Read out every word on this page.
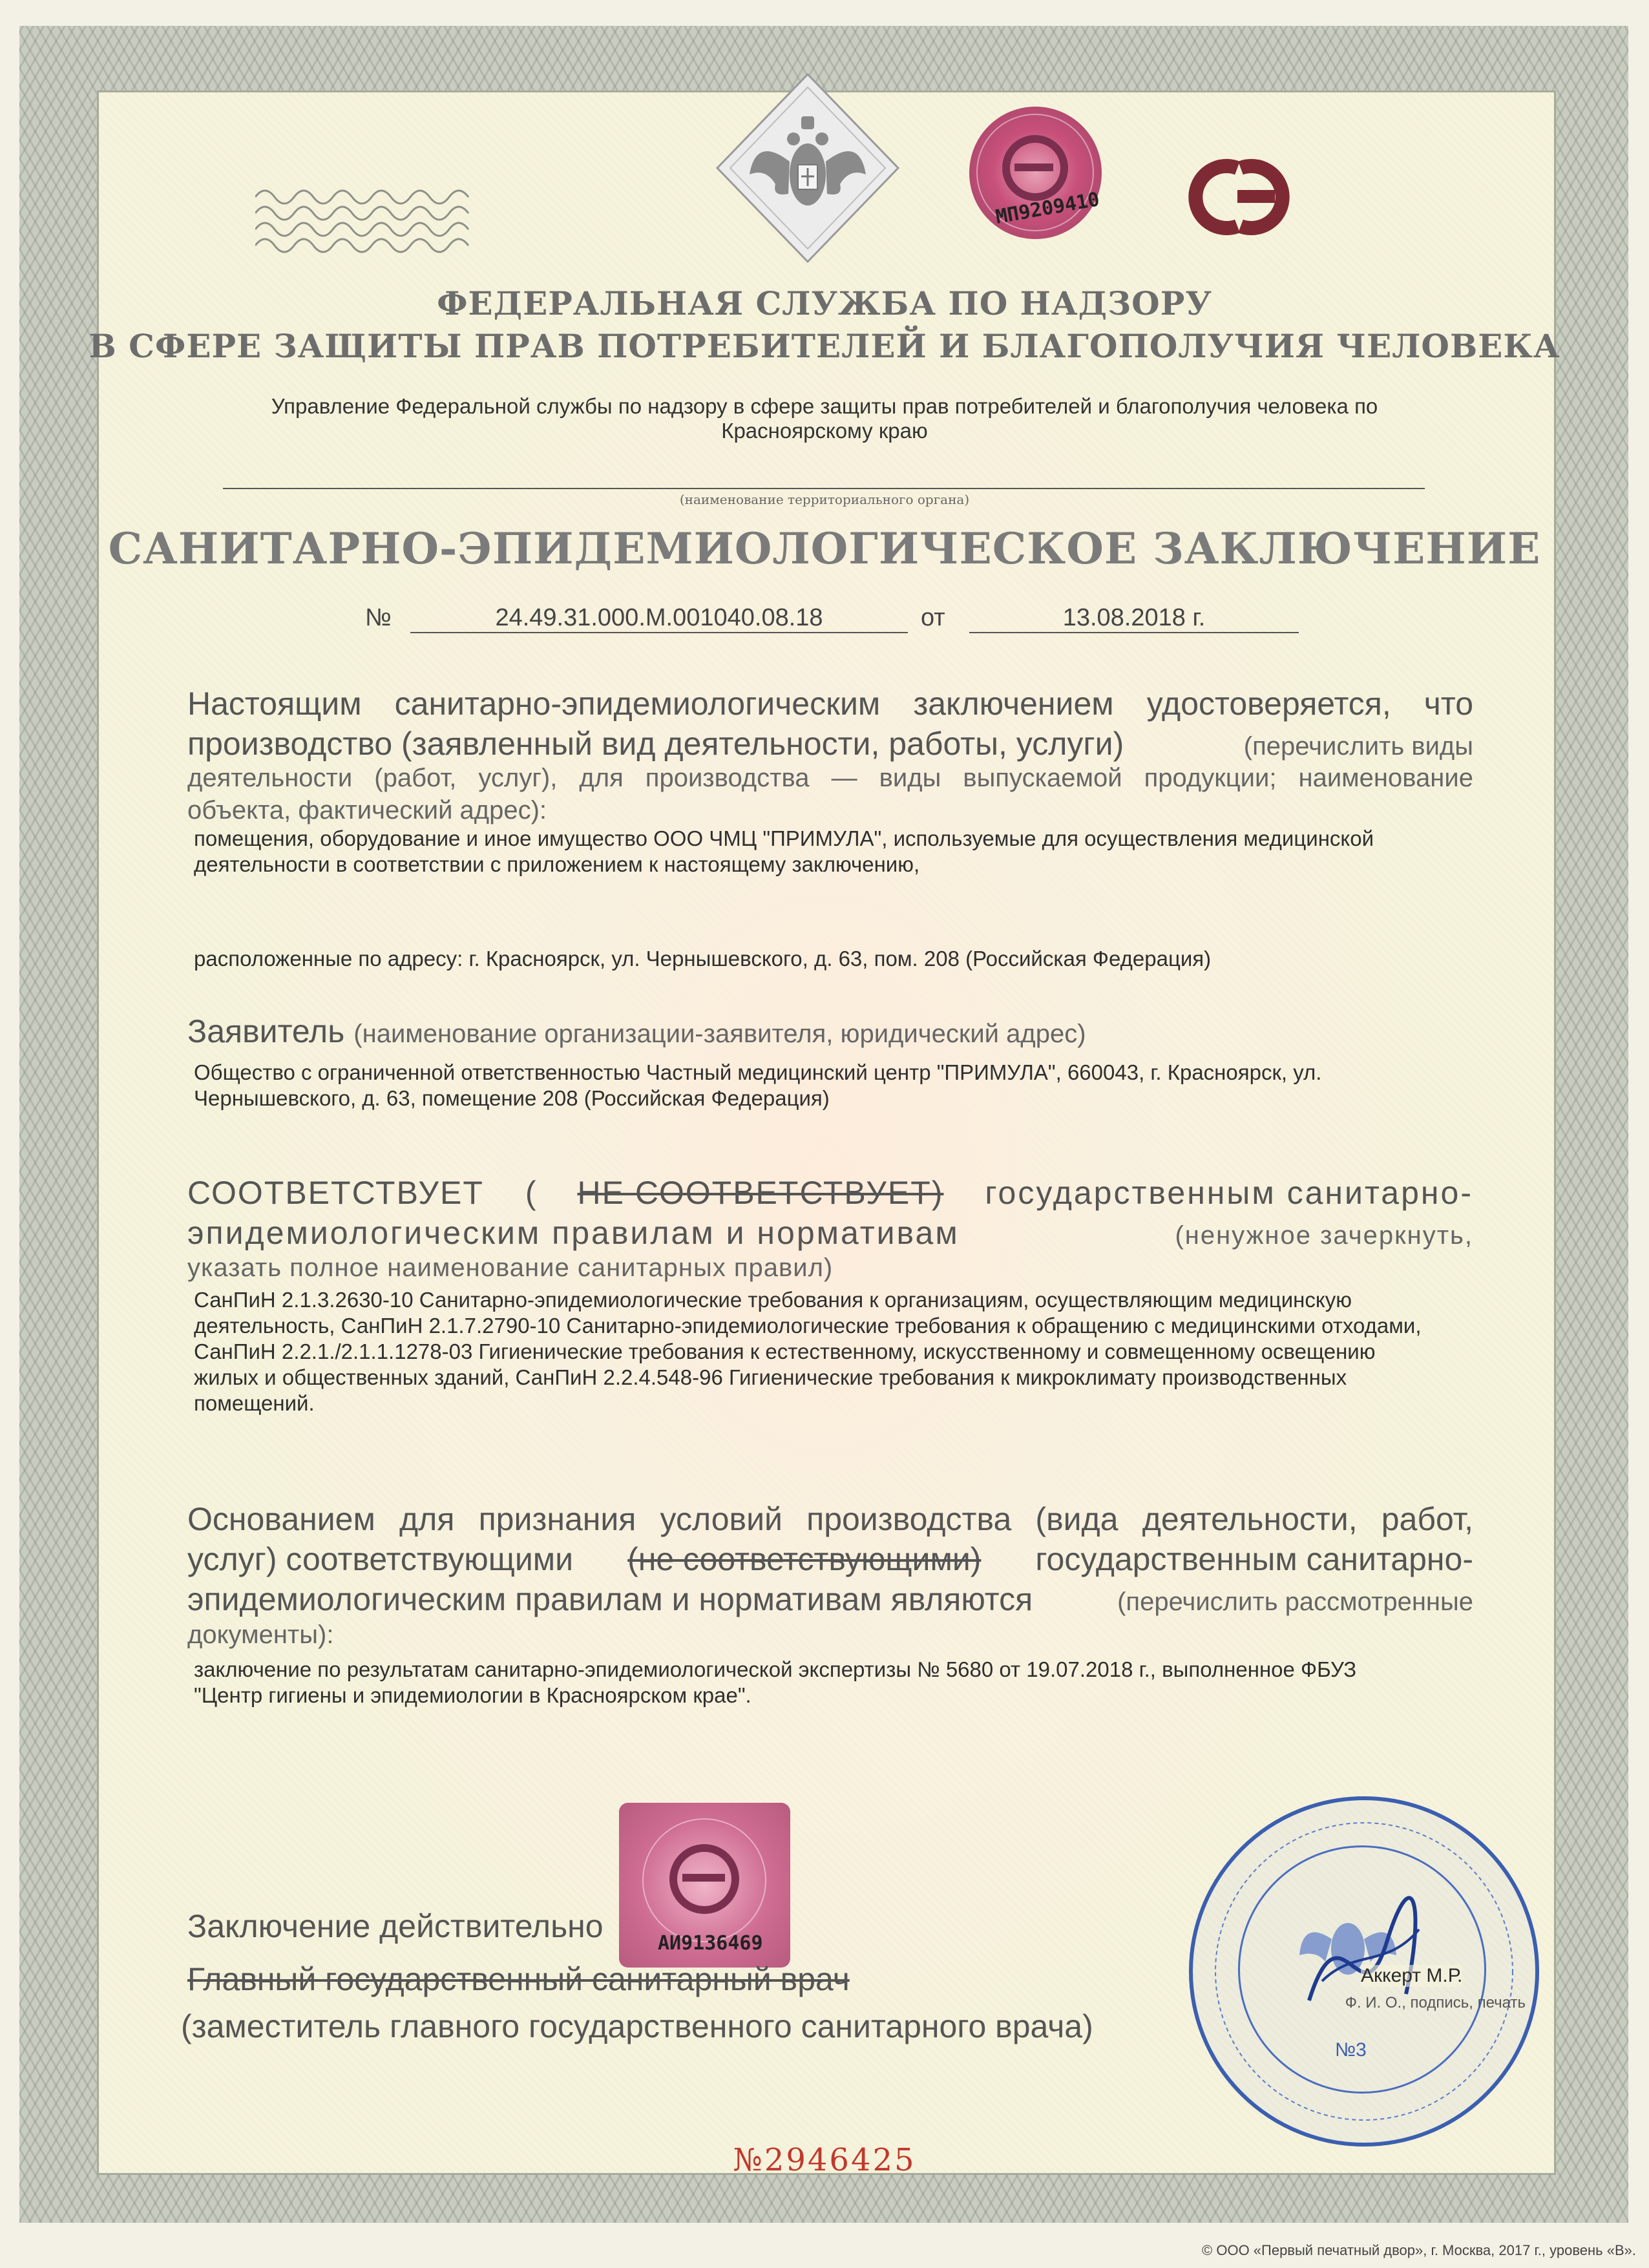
МП9209410
ФЕДЕРАЛЬНАЯ СЛУЖБА ПО НАДЗОРУ
В СФЕРЕ ЗАЩИТЫ ПРАВ ПОТРЕБИТЕЛЕЙ И БЛАГОПОЛУЧИЯ ЧЕЛОВЕКА
Управление Федеральной службы по надзору в сфере защиты прав потребителей и благополучия человека по
Красноярскому краю
(наименование территориального органа)
САНИТАРНО-ЭПИДЕМИОЛОГИЧЕСКОЕ ЗАКЛЮЧЕНИЕ
№	24.49.31.000.М.001040.08.18	от	13.08.2018 г.
Настоящим санитарно-эпидемиологическим заключением удостоверяется, что
производство (заявленный вид деятельности, работы, услуги)	(перечислить виды
деятельности (работ, услуг), для производства — виды выпускаемой продукции; наименование
объекта, фактический адрес):
помещения, оборудование и иное имущество ООО ЧМЦ "ПРИМУЛА", используемые для осуществления медицинской
деятельности в соответствии с приложением к настоящему заключению,
расположенные по адресу: г. Красноярск, ул. Чернышевского, д. 63, пом. 208 (Российская Федерация)
Заявитель (наименование организации-заявителя, юридический адрес)
Общество с ограниченной ответственностью Частный медицинский центр "ПРИМУЛА", 660043, г. Красноярск, ул.
Чернышевского, д. 63, помещение 208 (Российская Федерация)
СООТВЕТСТВУЕТ ( НЕ СООТВЕТСТВУЕТ) государственным санитарно-
эпидемиологическим правилам и нормативам	(ненужное зачеркнуть,
указать полное наименование санитарных правил)
СанПиН 2.1.3.2630-10 Санитарно-эпидемиологические требования к организациям, осуществляющим медицинскую
деятельность, СанПиН 2.1.7.2790-10 Санитарно-эпидемиологические требования к обращению с медицинскими отходами,
СанПиН 2.2.1./2.1.1.1278-03 Гигиенические требования к естественному, искусственному и совмещенному освещению
жилых и общественных зданий, СанПиН 2.2.4.548-96 Гигиенические требования к микроклимату производственных
помещений.
Основанием для признания условий производства (вида деятельности, работ,
услуг) соответствующими (не соответствующими) государственным санитарно-
эпидемиологическим правилам и нормативам являются	(перечислить рассмотренные
документы):
заключение по результатам санитарно-эпидемиологической экспертизы № 5680 от 19.07.2018 г., выполненное ФБУЗ
"Центр гигиены и эпидемиологии в Красноярском крае".
АИ9136469
Заключение действительно
Главный государственный санитарный врач
(заместитель главного государственного санитарного врача)
Аккерт М.Р.
Ф. И. О., подпись, печать
№3
№2946425
© ООО «Первый печатный двор», г. Москва, 2017 г., уровень «В».
